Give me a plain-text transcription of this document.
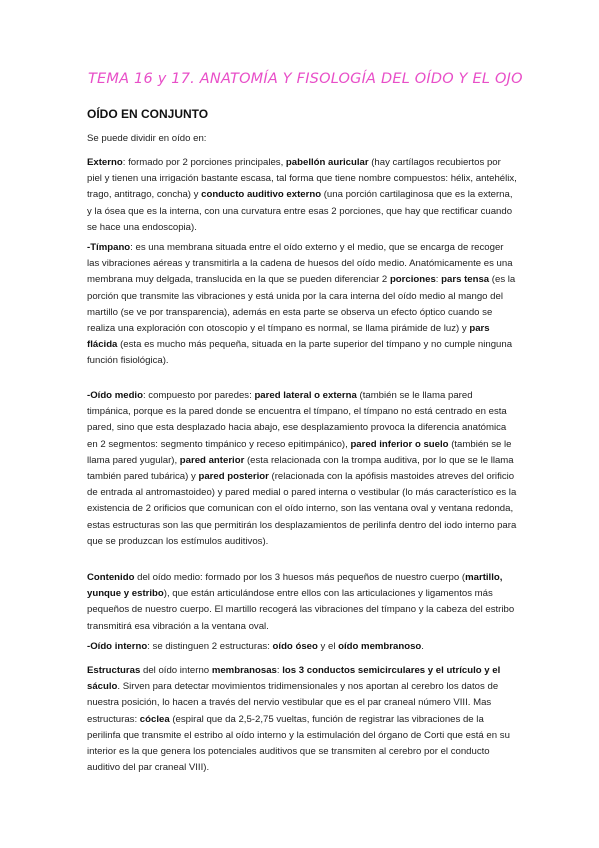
TEMA 16 y 17. ANATOMÍA Y FISOLOGÍA DEL OÍDO Y EL OJO
OÍDO EN CONJUNTO

Se puede dividir en oído en:

Externo: formado por 2 porciones principales, pabellón auricular (hay cartílagos recubiertos por piel y tienen una irrigación bastante escasa, tal forma que tiene nombre compuestos: hélix, antehélix, trago, antitrago, concha) y conducto auditivo externo (una porción cartilaginosa que es la externa, y la ósea que es la interna, con una curvatura entre esas 2 porciones, que hay que rectificar cuando se hace una endoscopia).

-Tímpano: es una membrana situada entre el oído externo y el medio, que se encarga de recoger las vibraciones aéreas y transmitirla a la cadena de huesos del oído medio. Anatómicamente es una membrana muy delgada, translucida en la que se pueden diferenciar 2 porciones: pars tensa (es la porción que transmite las vibraciones y está unida por la cara interna del oído medio al mango del martillo (se ve por transparencia), además en esta parte se observa un efecto óptico cuando se realiza una exploración con otoscopio y el tímpano es normal, se llama pirámide de luz) y pars flácida (esta es mucho más pequeña, situada en la parte superior del tímpano y no cumple ninguna función fisiológica).

-Oído medio: compuesto por paredes: pared lateral o externa (también se le llama pared timpánica, porque es la pared donde se encuentra el tímpano, el tímpano no está centrado en esta pared, sino que esta desplazado hacia abajo, ese desplazamiento provoca la diferencia anatómica en 2 segmentos: segmento timpánico y receso epitimpánico), pared inferior o suelo (también se le llama pared yugular), pared anterior (esta relacionada con la trompa auditiva, por lo que se le llama también pared tubárica) y pared posterior (relacionada con la apófisis mastoides atreves del orificio de entrada al antromastoideo) y pared medial o pared interna o vestibular (lo más característico es la existencia de 2 orificios que comunican con el oído interno, son las ventana oval y ventana redonda, estas estructuras son las que permitirán los desplazamientos de perilinfa dentro del iodo interno para que se produzcan los estímulos auditivos).

Contenido del oído medio: formado por los 3 huesos más pequeños de nuestro cuerpo (martillo, yunque y estribo), que están articulándose entre ellos con las articulaciones y ligamentos más pequeños de nuestro cuerpo. El martillo recogerá las vibraciones del tímpano y la cabeza del estribo transmitirá esa vibración a la ventana oval.

-Oído interno: se distinguen 2 estructuras: oído óseo y el oído membranoso.

Estructuras del oído interno membranosas: los 3 conductos semicirculares y el utrículo y el sáculo. Sirven para detectar movimientos tridimensionales y nos aportan al cerebro los datos de nuestra posición, lo hacen a través del nervio vestibular que es el par craneal número VIII. Mas estructuras: cóclea (espiral que da 2,5-2,75 vueltas, función de registrar las vibraciones de la perilinfa que transmite el estribo al oído interno y la estimulación del órgano de Corti que está en su interior es la que genera los potenciales auditivos que se transmiten al cerebro por el conducto auditivo del par craneal VIII).
